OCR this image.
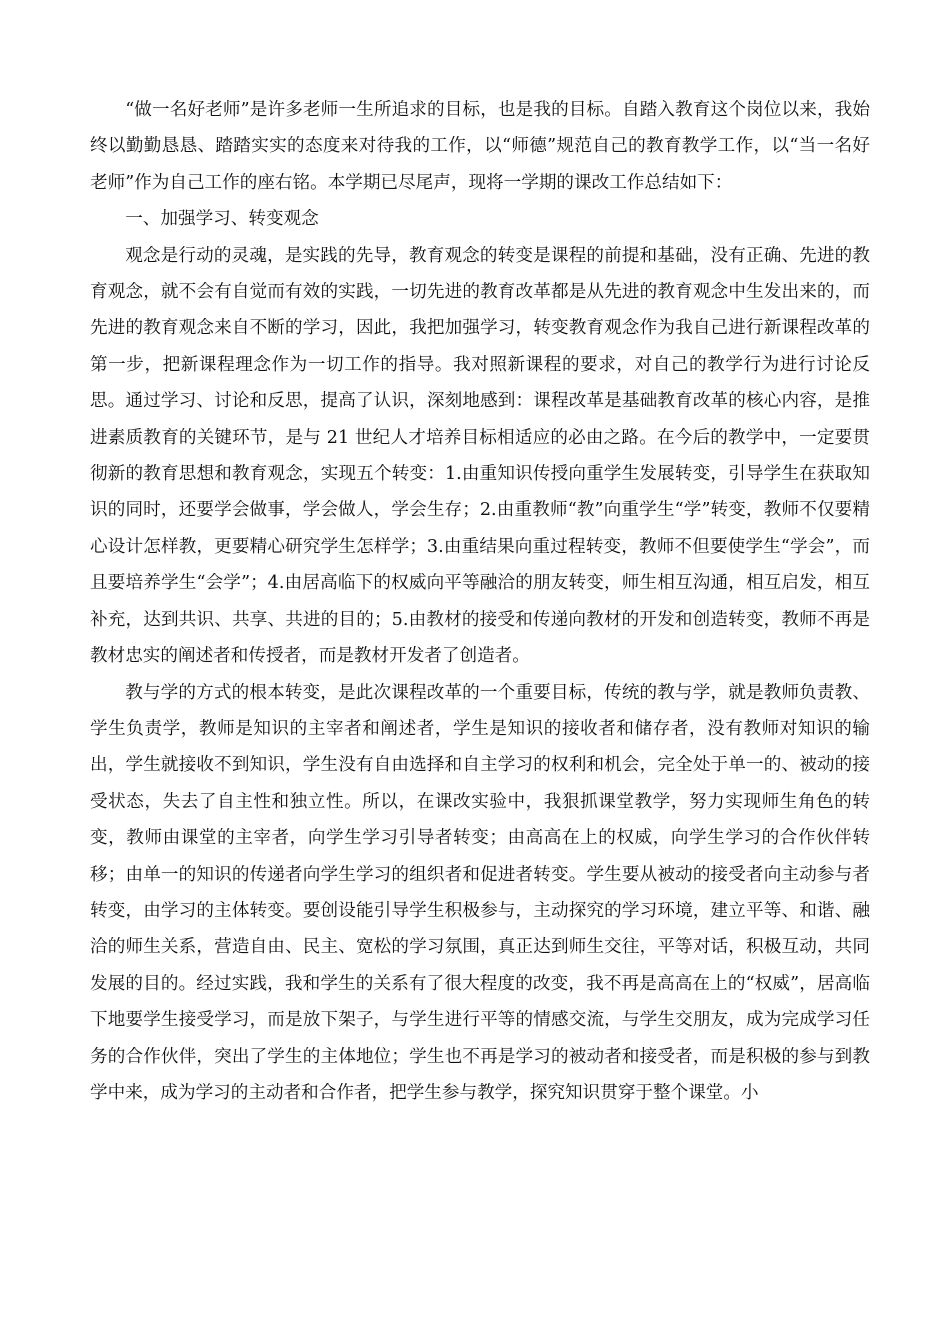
“做一名好老师”是许多老师一生所追求的目标，也是我的目标。自踏入教育这个岗位以来，我始终以勤勤恳恳、踏踏实实的态度来对待我的工作，以“师德”规范自己的教育教学工作，以“当一名好老师”作为自己工作的座右铭。本学期已尽尾声，现将一学期的课改工作总结如下：

一、加强学习、转变观念

观念是行动的灵魂，是实践的先导，教育观念的转变是课程的前提和基础，没有正确、先进的教育观念，就不会有自觉而有效的实践，一切先进的教育改革都是从先进的教育观念中生发出来的，而先进的教育观念来自不断的学习，因此，我把加强学习，转变教育观念作为我自己进行新课程改革的第一步，把新课程理念作为一切工作的指导。我对照新课程的要求，对自己的教学行为进行讨论反思。通过学习、讨论和反思，提高了认识，深刻地感到：课程改革是基础教育改革的核心内容，是推进素质教育的关键环节，是与 21 世纪人才培养目标相适应的必由之路。在今后的教学中，一定要贯彻新的教育思想和教育观念，实现五个转变：1.由重知识传授向重学生发展转变，引导学生在获取知识的同时，还要学会做事，学会做人，学会生存；2.由重教师“教”向重学生“学”转变，教师不仅要精心设计怎样教，更要精心研究学生怎样学；3.由重结果向重过程转变，教师不但要使学生“学会”，而且要培养学生“会学”；4.由居高临下的权威向平等融洽的朋友转变，师生相互沟通，相互启发，相互补充，达到共识、共享、共进的目的；5.由教材的接受和传递向教材的开发和创造转变，教师不再是教材忠实的阐述者和传授者，而是教材开发者了创造者。

教与学的方式的根本转变，是此次课程改革的一个重要目标，传统的教与学，就是教师负责教、学生负责学，教师是知识的主宰者和阐述者，学生是知识的接收者和储存者，没有教师对知识的输出，学生就接收不到知识，学生没有自由选择和自主学习的权利和机会，完全处于单一的、被动的接受状态，失去了自主性和独立性。所以，在课改实验中，我狠抓课堂教学，努力实现师生角色的转变，教师由课堂的主宰者，向学生学习引导者转变；由高高在上的权威，向学生学习的合作伙伴转移；由单一的知识的传递者向学生学习的组织者和促进者转变。学生要从被动的接受者向主动参与者转变，由学习的主体转变。要创设能引导学生积极参与，主动探究的学习环境，建立平等、和谐、融洽的师生关系，营造自由、民主、宽松的学习氛围，真正达到师生交往，平等对话，积极互动，共同发展的目的。经过实践，我和学生的关系有了很大程度的改变，我不再是高高在上的“权威”，居高临下地要学生接受学习，而是放下架子，与学生进行平等的情感交流，与学生交朋友，成为完成学习任务的合作伙伴，突出了学生的主体地位；学生也不再是学习的被动者和接受者，而是积极的参与到教学中来，成为学习的主动者和合作者，把学生参与教学，探究知识贯穿于整个课堂。小
